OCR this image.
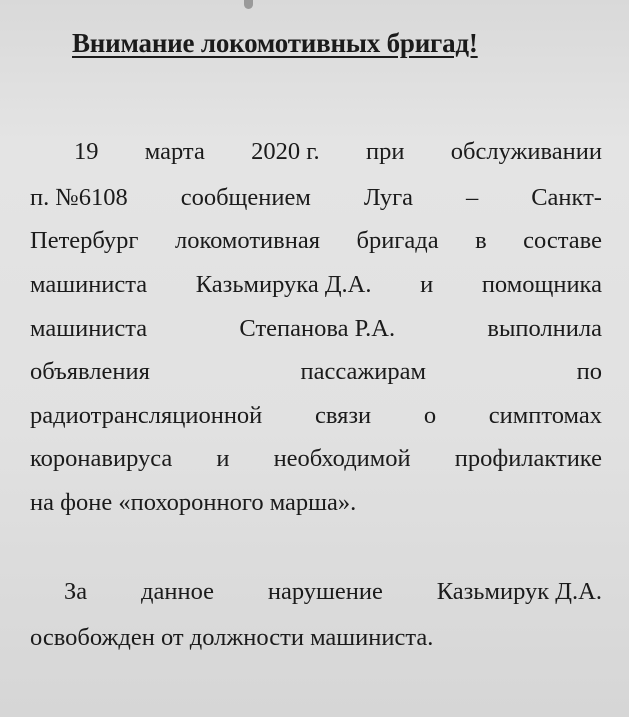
Внимание локомотивных бригад!
19 марта 2020 г. при обслуживании
п. №6108 сообщением Луга – Санкт-
Петербург локомотивная бригада в составе
машиниста Казьмирука Д.А. и помощника
машиниста	Степанова Р.А.	выполнила
объявления	пассажирам	по
радиотрансляционной связи о симптомах
коронавируса и необходимой профилактике
на фоне «похоронного марша».
За данное нарушение Казьмирук Д.А.
освобожден от должности машиниста.
